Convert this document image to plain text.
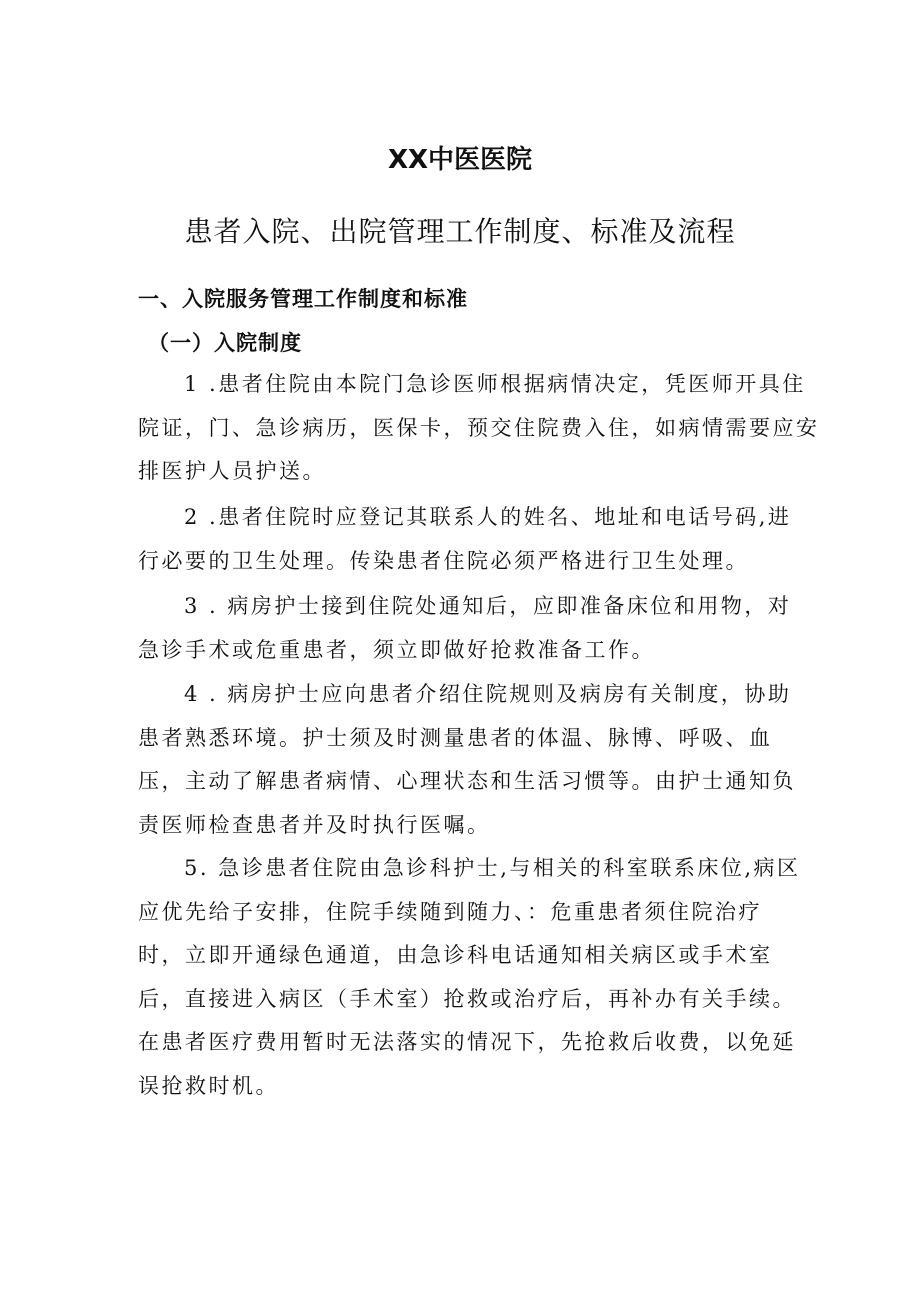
XX中医医院
患者入院、出院管理工作制度、标准及流程
一、入院服务管理工作制度和标准
（一）入院制度
1 .患者住院由本院门急诊医师根据病情决定，凭医师开具住
院证，门、急诊病历，医保卡，预交住院费入住，如病情需要应安
排医护人员护送。
2 .患者住院时应登记其联系人的姓名、地址和电话号码,进
行必要的卫生处理。传染患者住院必须严格进行卫生处理。
3 . 病房护士接到住院处通知后，应即准备床位和用物，对
急诊手术或危重患者，须立即做好抢救准备工作。
4 . 病房护士应向患者介绍住院规则及病房有关制度，协助
患者熟悉环境。护士须及时测量患者的体温、脉博、呼吸、血
压，主动了解患者病情、心理状态和生活习惯等。由护士通知负
责医师检查患者并及时执行医嘱。
5. 急诊患者住院由急诊科护士,与相关的科室联系床位,病区
应优先给子安排，住院手续随到随力、：危重患者须住院治疗
时，立即开通绿色通道，由急诊科电话通知相关病区或手术室
后，直接进入病区（手术室）抢救或治疗后，再补办有关手续。
在患者医疗费用暂时无法落实的情况下，先抢救后收费，以免延
误抢救时机。
